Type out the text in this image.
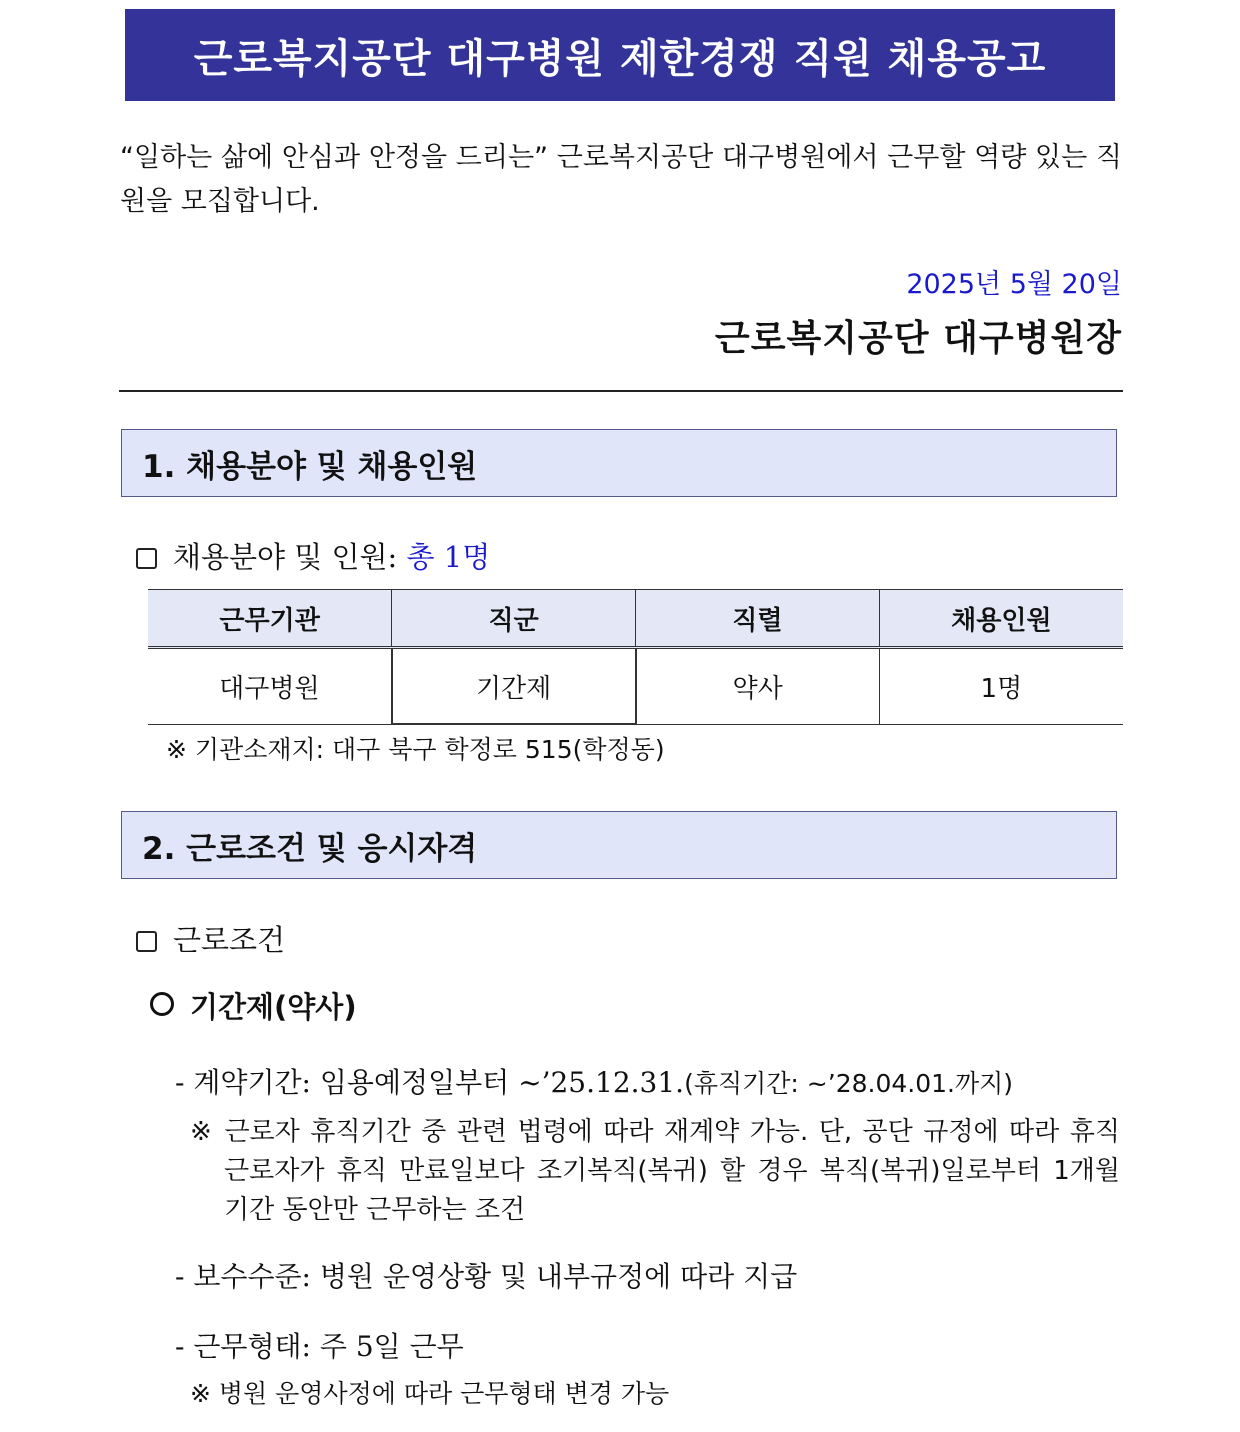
근로복지공단 대구병원 제한경쟁 직원 채용공고
“일하는 삶에 안심과 안정을 드리는” 근로복지공단 대구병원에서 근무할 역량 있는 직원을 모집합니다.
2025년 5월 20일
근로복지공단 대구병원장
1. 채용분야 및 채용인원
채용분야 및 인원: 총 1명
근무기관	직군	직렬	채용인원
대구병원	기간제	약사	1명
※ 기관소재지: 대구 북구 학정로 515(학정동)
2. 근로조건 및 응시자격
근로조건
기간제(약사)
- 계약기간: 임용예정일부터 ~’25.12.31.(휴직기간: ~’28.04.01.까지)
※ 근로자 휴직기간 중 관련 법령에 따라 재계약 가능. 단, 공단 규정에 따라 휴직 근로자가 휴직 만료일보다 조기복직(복귀) 할 경우 복직(복귀)일로부터 1개월 기간 동안만 근무하는 조건
- 보수수준: 병원 운영상황 및 내부규정에 따라 지급
- 근무형태: 주 5일 근무
※ 병원 운영사정에 따라 근무형태 변경 가능
